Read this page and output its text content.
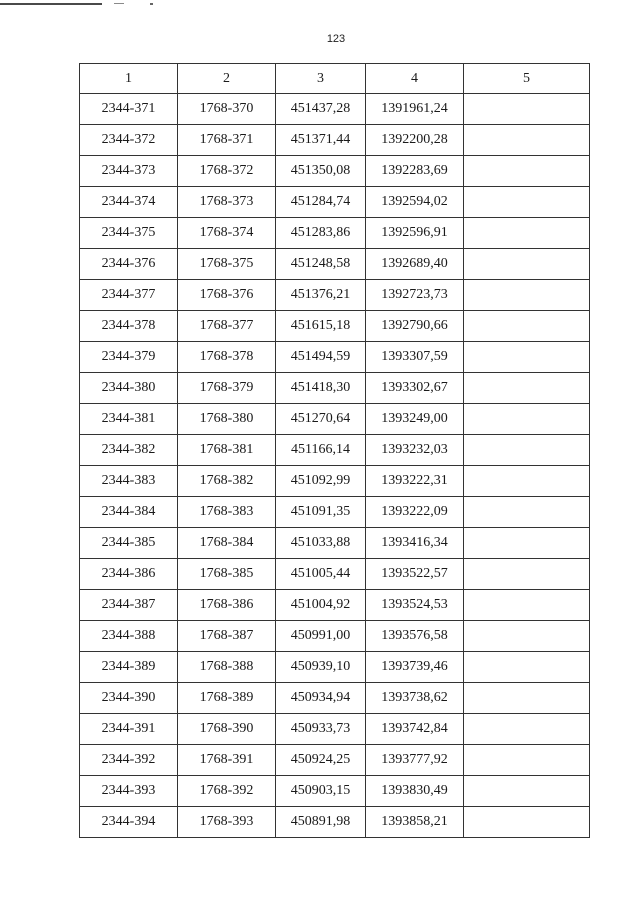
123
1	2	3	4	5
2344-371	1768-370	451437,28	1391961,24	
2344-372	1768-371	451371,44	1392200,28	
2344-373	1768-372	451350,08	1392283,69	
2344-374	1768-373	451284,74	1392594,02	
2344-375	1768-374	451283,86	1392596,91	
2344-376	1768-375	451248,58	1392689,40	
2344-377	1768-376	451376,21	1392723,73	
2344-378	1768-377	451615,18	1392790,66	
2344-379	1768-378	451494,59	1393307,59	
2344-380	1768-379	451418,30	1393302,67	
2344-381	1768-380	451270,64	1393249,00	
2344-382	1768-381	451166,14	1393232,03	
2344-383	1768-382	451092,99	1393222,31	
2344-384	1768-383	451091,35	1393222,09	
2344-385	1768-384	451033,88	1393416,34	
2344-386	1768-385	451005,44	1393522,57	
2344-387	1768-386	451004,92	1393524,53	
2344-388	1768-387	450991,00	1393576,58	
2344-389	1768-388	450939,10	1393739,46	
2344-390	1768-389	450934,94	1393738,62	
2344-391	1768-390	450933,73	1393742,84	
2344-392	1768-391	450924,25	1393777,92	
2344-393	1768-392	450903,15	1393830,49	
2344-394	1768-393	450891,98	1393858,21	
